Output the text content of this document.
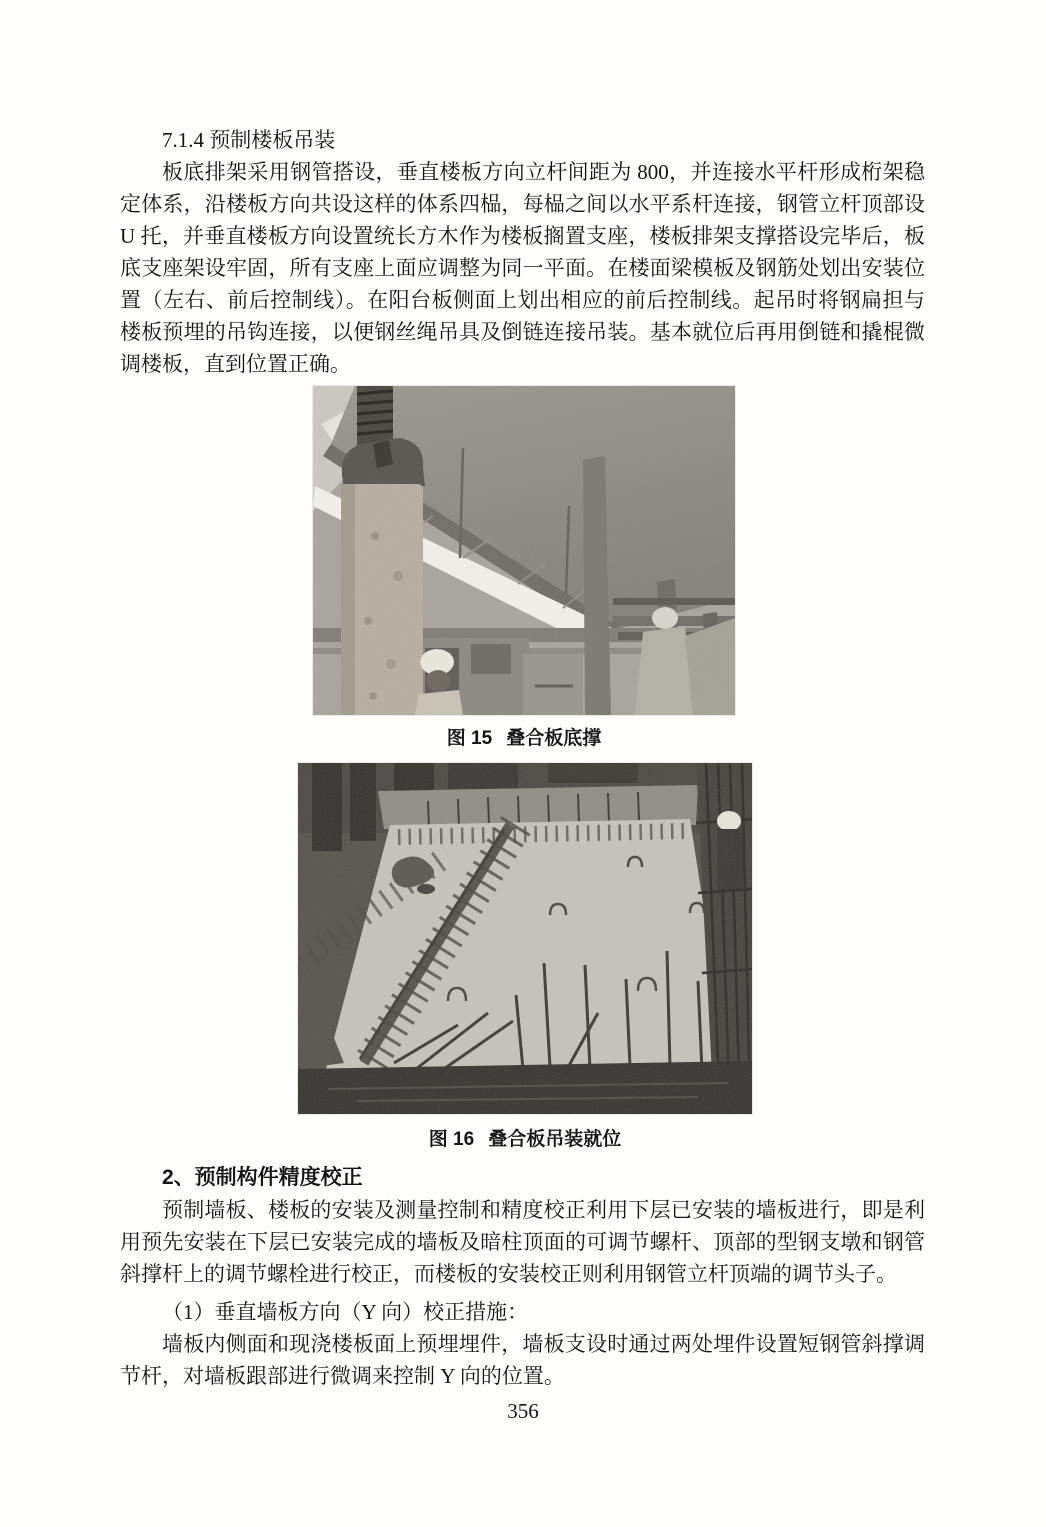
7.1.4 预制楼板吊装

板底排架采用钢管搭设，垂直楼板方向立杆间距为 800，并连接水平杆形成桁架稳定体系，沿楼板方向共设这样的体系四榀，每榀之间以水平系杆连接，钢管立杆顶部设 U 托，并垂直楼板方向设置统长方木作为楼板搁置支座，楼板排架支撑搭设完毕后，板底支座架设牢固，所有支座上面应调整为同一平面。在楼面梁模板及钢筋处划出安装位置（左右、前后控制线）。在阳台板侧面上划出相应的前后控制线。起吊时将钢扁担与楼板预埋的吊钩连接，以便钢丝绳吊具及倒链连接吊装。基本就位后再用倒链和撬棍微调楼板，直到位置正确。

图 15 叠合板底撑
图 16 叠合板吊装就位
2、预制构件精度校正

预制墙板、楼板的安装及测量控制和精度校正利用下层已安装的墙板进行，即是利用预先安装在下层已安装完成的墙板及暗柱顶面的可调节螺杆、顶部的型钢支墩和钢管斜撑杆上的调节螺栓进行校正，而楼板的安装校正则利用钢管立杆顶端的调节头子。

（1）垂直墙板方向（Y 向）校正措施：

墙板内侧面和现浇楼板面上预埋埋件，墙板支设时通过两处埋件设置短钢管斜撑调节杆，对墙板跟部进行微调来控制 Y 向的位置。

356
